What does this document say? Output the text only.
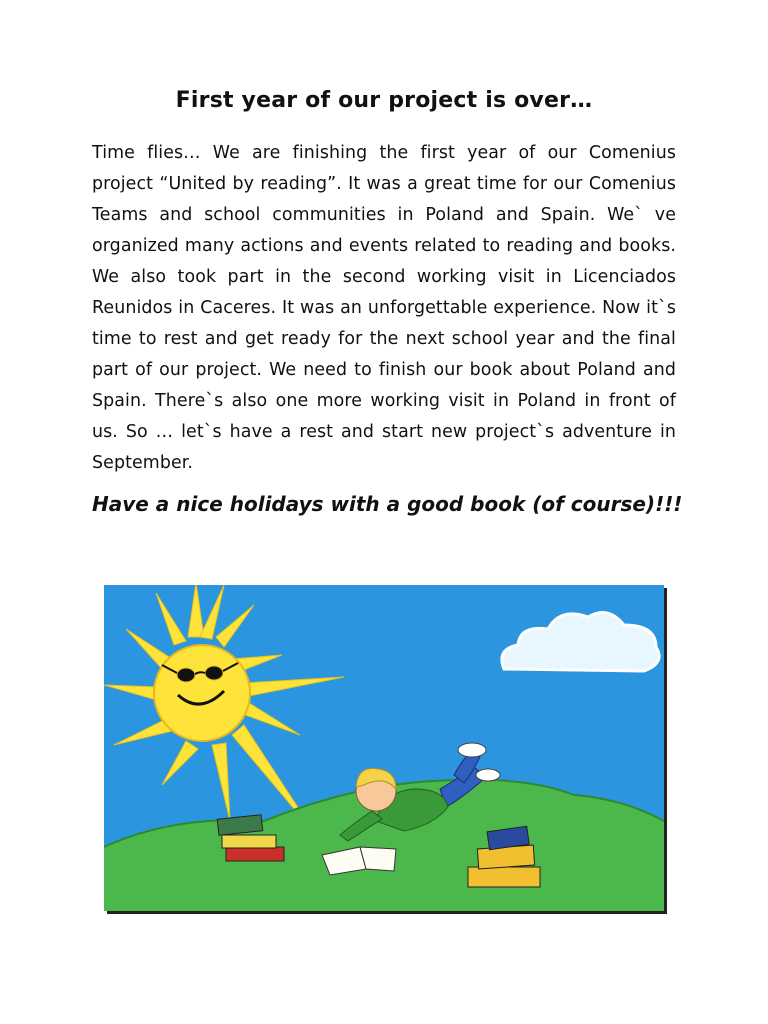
First year of our project is over…
Time flies… We are finishing the first year of our Comenius project “United by reading”. It was a great time for our Comenius Teams and school communities in Poland and Spain. We` ve organized many actions and events related to reading and books. We also took part in the second working visit in Licenciados Reunidos in Caceres. It was an unforgettable experience. Now it`s time to rest and get ready for the next school year and the final part of our project. We need to finish our book about Poland and Spain. There`s also one more working visit in Poland in front of us. So … let`s have a rest and start new project`s adventure in September.
Have a nice holidays with a good book (of course)!!!
